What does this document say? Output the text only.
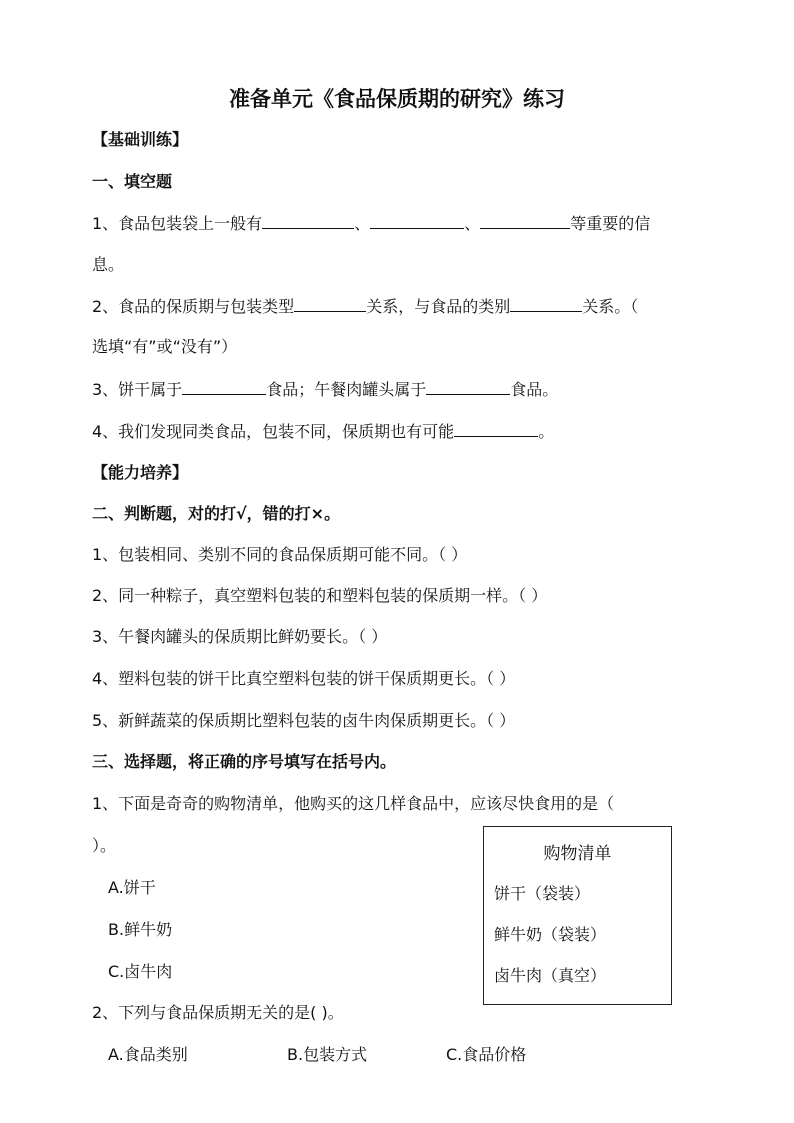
准备单元《食品保质期的研究》练习
【基础训练】
一、填空题
1、食品包装袋上一般有	、	、	等重要的信
息。
2、食品的保质期与包装类型	关系，与食品的类别	关系。（
选填“有”或“没有”）
3、饼干属于	食品；午餐肉罐头属于	食品。
4、我们发现同类食品，包装不同，保质期也有可能	。
【能力培养】
二、判断题，对的打√，错的打×。
1、包装相同、类别不同的食品保质期可能不同。（ ）
2、同一种粽子，真空塑料包装的和塑料包装的保质期一样。（ ）
3、午餐肉罐头的保质期比鲜奶要长。（ ）
4、塑料包装的饼干比真空塑料包装的饼干保质期更长。（ ）
5、新鲜蔬菜的保质期比塑料包装的卤牛肉保质期更长。（ ）
三、选择题，将正确的序号填写在括号内。
1、下面是奇奇的购物清单，他购买的这几样食品中，应该尽快食用的是（
）。
A.饼干
B.鲜牛奶
C.卤牛肉
购物清单
饼干（袋装）
鲜牛奶（袋装）
卤牛肉（真空）
2、下列与食品保质期无关的是( )。
A.食品类别	B.包装方式	C.食品价格
